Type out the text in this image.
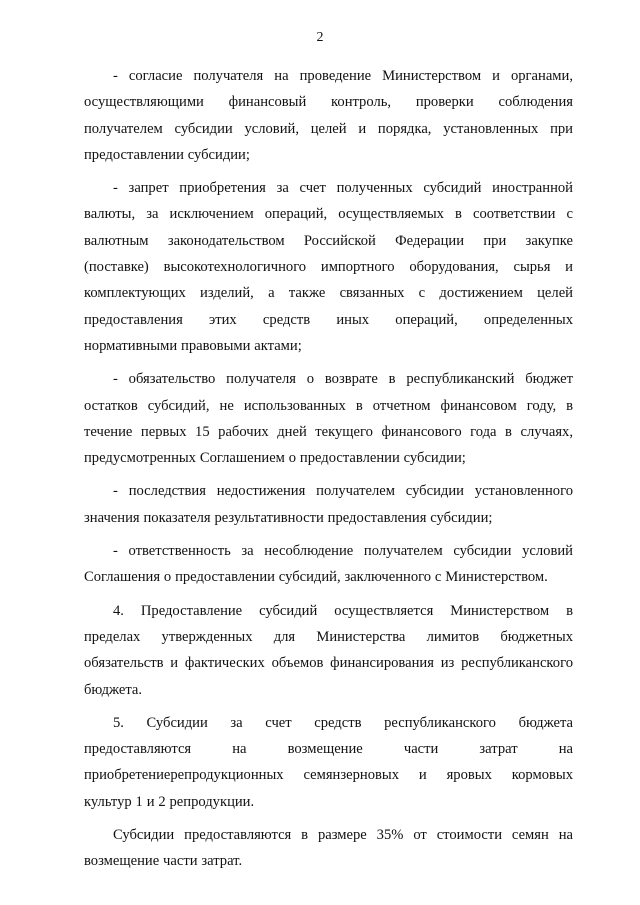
2

- согласие получателя на проведение Министерством и органами,
осуществляющими финансовый контроль, проверки соблюдения
получателем субсидии условий, целей и порядка, установленных при
предоставлении субсидии;

- запрет приобретения за счет полученных субсидий иностранной
валюты, за исключением операций, осуществляемых в соответствии с
валютным законодательством Российской Федерации при закупке
(поставке) высокотехнологичного импортного оборудования, сырья и
комплектующих изделий, а также связанных с достижением целей
предоставления этих средств иных операций, определенных
нормативными правовыми актами;

- обязательство получателя о возврате в республиканский бюджет
остатков субсидий, не использованных в отчетном финансовом году, в
течение первых 15 рабочих дней текущего финансового года в случаях,
предусмотренных Соглашением о предоставлении субсидии;

- последствия недостижения получателем субсидии установленного
значения показателя результативности предоставления субсидии;

- ответственность за несоблюдение получателем субсидии условий
Соглашения о предоставлении субсидий, заключенного с Министерством.

4. Предоставление субсидий осуществляется Министерством в
пределах утвержденных для Министерства лимитов бюджетных
обязательств и фактических объемов финансирования из республиканского
бюджета.

5. Субсидии за счет средств республиканского бюджета
предоставляются на возмещение части затрат на
приобретениерепродукционных семянзерновых и яровых кормовых
культур 1 и 2 репродукции.

Субсидии предоставляются в размере 35% от стоимости семян на
возмещение части затрат.
